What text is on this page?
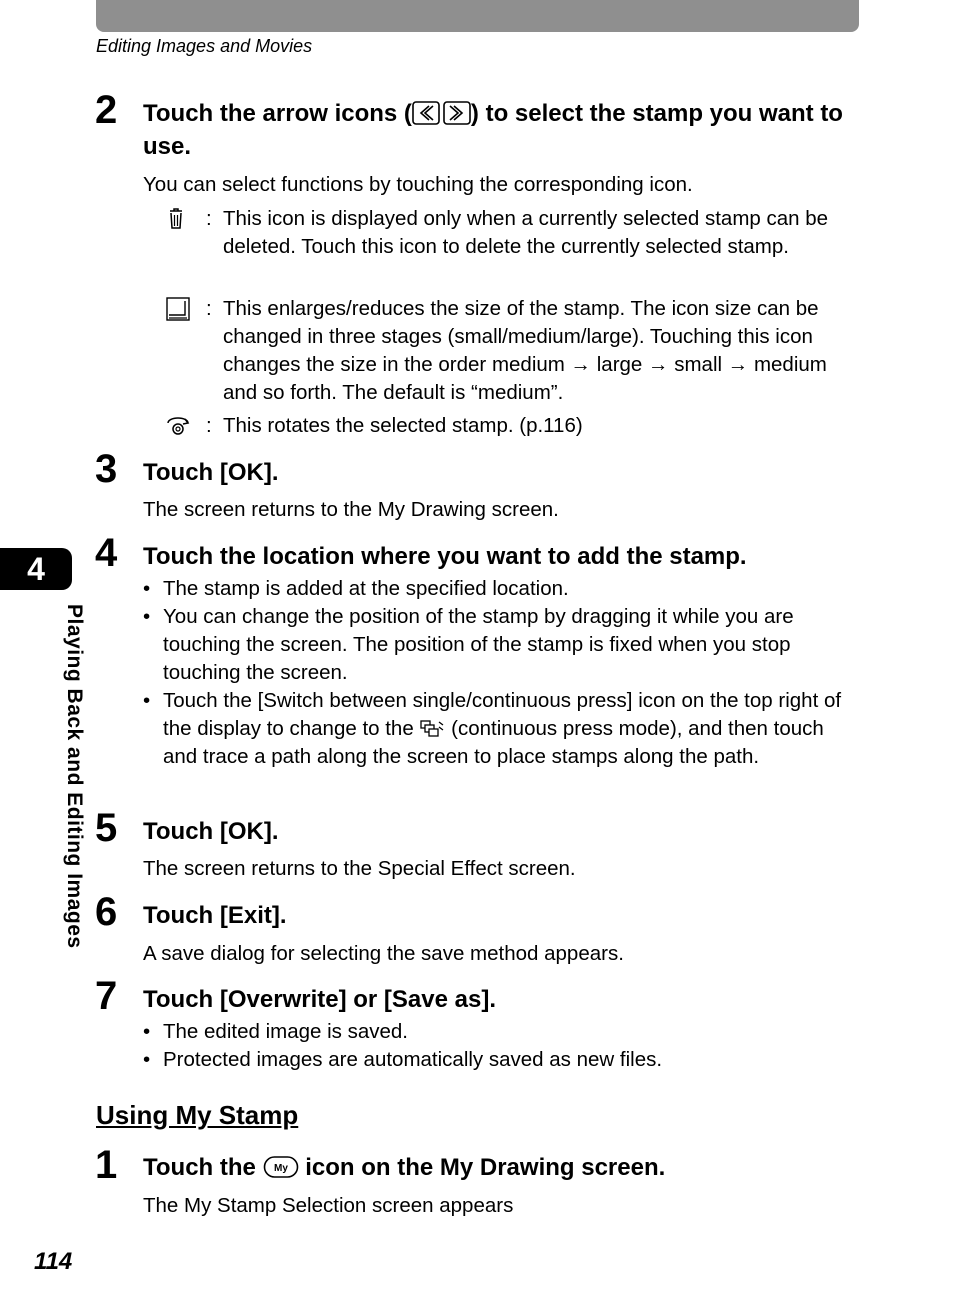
Editing Images and Movies
4
Playing Back and Editing Images
2 Touch the arrow icons ( ) to select the stamp you want to use.
You can select functions by touching the corresponding icon.
: This icon is displayed only when a currently selected stamp can be deleted. Touch this icon to delete the currently selected stamp.
: This enlarges/reduces the size of the stamp. The icon size can be changed in three stages (small/medium/large). Touching this icon changes the size in the order medium → large → small → medium and so forth. The default is “medium”.
: This rotates the selected stamp. (p.116)
3 Touch [OK].
The screen returns to the My Drawing screen.
4 Touch the location where you want to add the stamp.
• The stamp is added at the specified location.
• You can change the position of the stamp by dragging it while you are touching the screen. The position of the stamp is fixed when you stop touching the screen.
• Touch the [Switch between single/continuous press] icon on the top right of the display to change to the (continuous press mode), and then touch and trace a path along the screen to place stamps along the path.
5 Touch [OK].
The screen returns to the Special Effect screen.
6 Touch [Exit].
A save dialog for selecting the save method appears.
7 Touch [Overwrite] or [Save as].
• The edited image is saved.
• Protected images are automatically saved as new files.
Using My Stamp
1 Touch the My icon on the My Drawing screen.
The My Stamp Selection screen appears
114
